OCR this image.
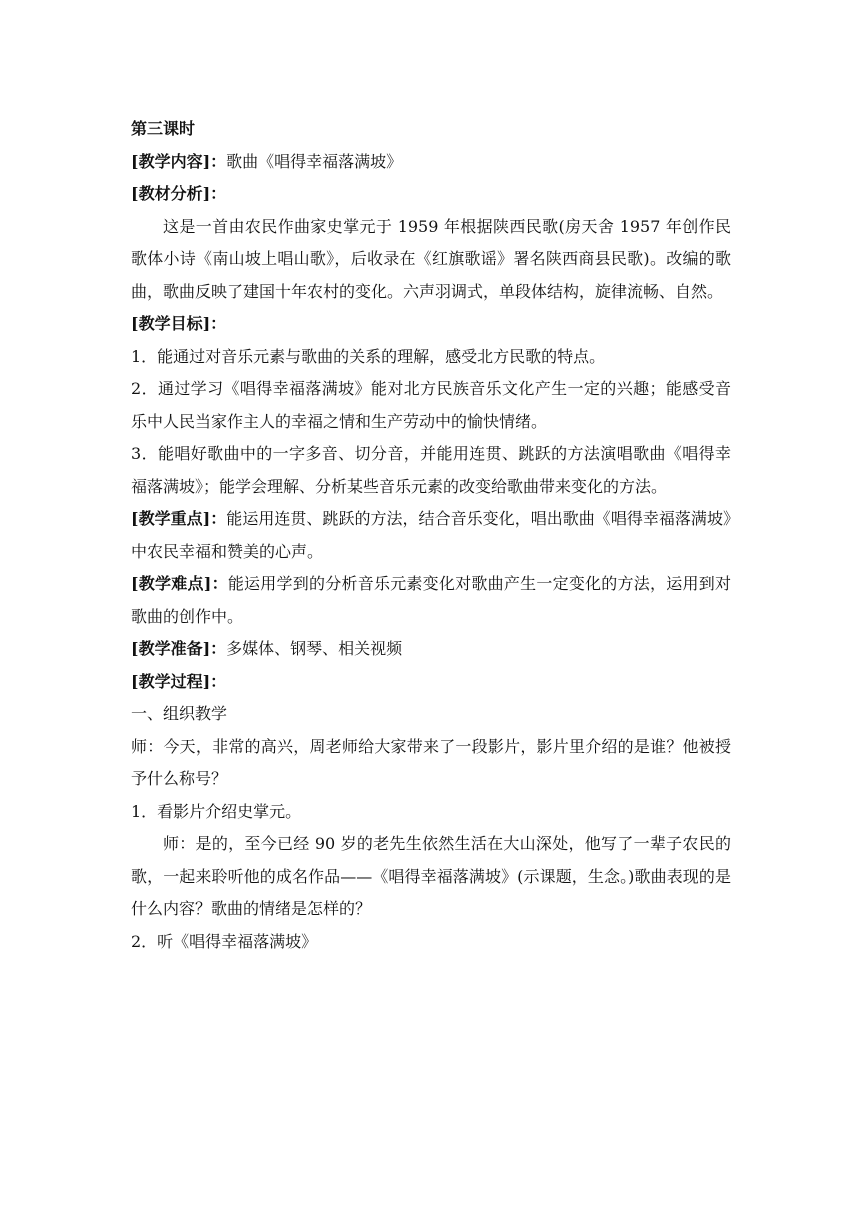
第三课时

[教学内容]：歌曲《唱得幸福落满坡》

[教材分析]：

这是一首由农民作曲家史掌元于 1959 年根据陕西民歌(房天舍 1957 年创作民歌体小诗《南山坡上唱山歌》，后收录在《红旗歌谣》署名陕西商县民歌)。改编的歌曲，歌曲反映了建国十年农村的变化。六声羽调式，单段体结构，旋律流畅、自然。

[教学目标]：

1．能通过对音乐元素与歌曲的关系的理解，感受北方民歌的特点。

2．通过学习《唱得幸福落满坡》能对北方民族音乐文化产生一定的兴趣；能感受音乐中人民当家作主人的幸福之情和生产劳动中的愉快情绪。

3．能唱好歌曲中的一字多音、切分音，并能用连贯、跳跃的方法演唱歌曲《唱得幸福落满坡》；能学会理解、分析某些音乐元素的改变给歌曲带来变化的方法。

[教学重点]：能运用连贯、跳跃的方法，结合音乐变化，唱出歌曲《唱得幸福落满坡》中农民幸福和赞美的心声。

[教学难点]：能运用学到的分析音乐元素变化对歌曲产生一定变化的方法，运用到对歌曲的创作中。

[教学准备]：多媒体、钢琴、相关视频

[教学过程]：

一、组织教学

师：今天，非常的高兴，周老师给大家带来了一段影片，影片里介绍的是谁？他被授予什么称号？

1．看影片介绍史掌元。

师：是的，至今已经 90 岁的老先生依然生活在大山深处，他写了一辈子农民的歌，一起来聆听他的成名作品——《唱得幸福落满坡》(示课题，生念。)歌曲表现的是什么内容？歌曲的情绪是怎样的？

2．听《唱得幸福落满坡》
